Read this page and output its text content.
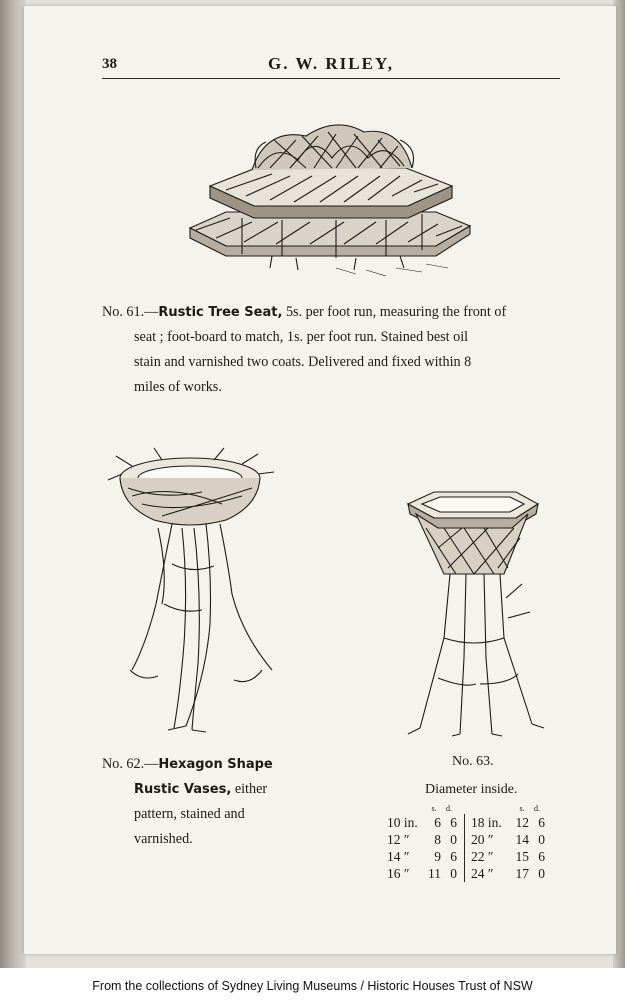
38	G. W. RILEY,
No. 61.—Rustic Tree Seat, 5s. per foot run, measuring the front of
seat ; foot-board to match, 1s. per foot run. Stained best oil
stain and varnished two coats. Delivered and fixed within 8
miles of works.
No. 62.—Hexagon Shape
Rustic Vases, either
pattern, stained and
varnished.
No. 63.
Diameter inside.
	s.	d.				s.	d.
10 in.	6	6			18 in.	12	6
12 ″	8	0			20 ″	14	0
14 ″	9	6			22 ″	15	6
16 ″	11	0			24 ″	17	0
From the collections of Sydney Living Museums / Historic Houses Trust of NSW
